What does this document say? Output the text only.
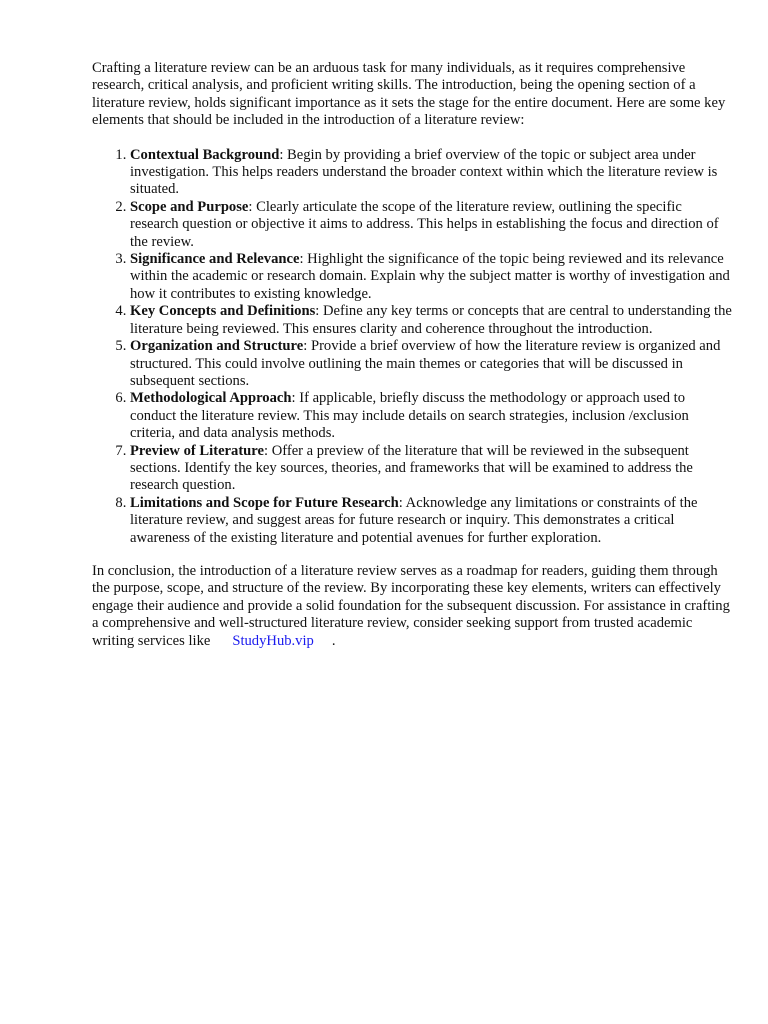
Crafting a literature review can be an arduous task for many individuals, as it requires comprehensive research, critical analysis, and proficient writing skills. The introduction, being the opening section of a literature review, holds significant importance as it sets the stage for the entire document. Here are some key elements that should be included in the introduction of a literature review:

1. Contextual Background: Begin by providing a brief overview of the topic or subject area under investigation. This helps readers understand the broader context within which the literature review is situated.
2. Scope and Purpose: Clearly articulate the scope of the literature review, outlining the specific research question or objective it aims to address. This helps in establishing the focus and direction of the review.
3. Significance and Relevance: Highlight the significance of the topic being reviewed and its relevance within the academic or research domain. Explain why the subject matter is worthy of investigation and how it contributes to existing knowledge.
4. Key Concepts and Definitions: Define any key terms or concepts that are central to understanding the literature being reviewed. This ensures clarity and coherence throughout the introduction.
5. Organization and Structure: Provide a brief overview of how the literature review is organized and structured. This could involve outlining the main themes or categories that will be discussed in subsequent sections.
6. Methodological Approach: If applicable, briefly discuss the methodology or approach used to conduct the literature review. This may include details on search strategies, inclusion /exclusion criteria, and data analysis methods.
7. Preview of Literature: Offer a preview of the literature that will be reviewed in the subsequent sections. Identify the key sources, theories, and frameworks that will be examined to address the research question.
8. Limitations and Scope for Future Research: Acknowledge any limitations or constraints of the literature review, and suggest areas for future research or inquiry. This demonstrates a critical awareness of the existing literature and potential avenues for further exploration.

In conclusion, the introduction of a literature review serves as a roadmap for readers, guiding them through the purpose, scope, and structure of the review. By incorporating these key elements, writers can effectively engage their audience and provide a solid foundation for the subsequent discussion. For assistance in crafting a comprehensive and well-structured literature review, consider seeking support from trusted academic writing services like StudyHub.vip .
